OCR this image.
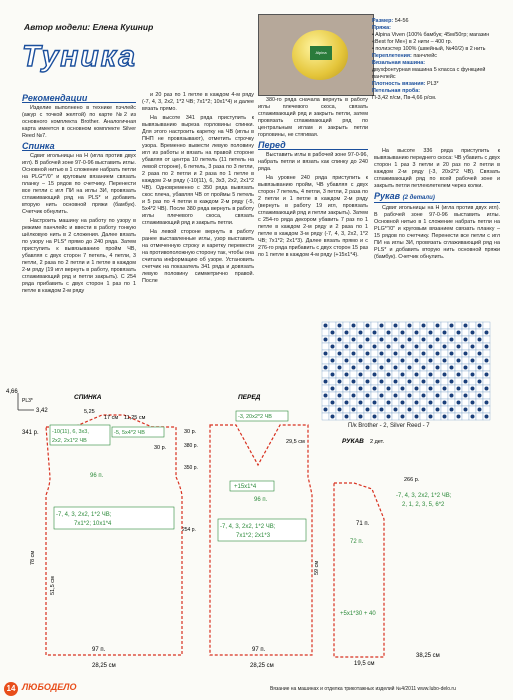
Автор модели: Елена Кушнир
Туника	Alpina
Размер: 54-56
Пряжа:
• Alpina Viven (100% бамбук; 45м/50гр; магазин «Best for Me») в 2 нити – 400 гр.
• полиэстер 100% (швейный, №40/2) в 2 нить
Переплетения: панчлейс
Вязальная машина:
двухфонтурная машина 5 класса с функцией панчлейс
Плотность вязания: PL3*
Петельная проба:
П-3,42 п/см, Пв-4,66 р/см.
Рекомендации

Изделие выполнено в технике пэчлейс (ажур с точкой желтой) по карте №2 из основного комплекта Brother. Аналогичная карта имеется в основном комплекте Silver Reed №7.

Спинка

Сдвиг игольницы на Н (игла против двух игл). В рабочей зоне 97-0-96 выставить иглы. Основной нитью в 1 сложение набрать петли на PLG*"/0" и круговым вязанием связать планку – 15 рядов по счетчику. Перенести все петли с игл ПИ на иглы ЗИ, провязать сглаживающий ряд на PLS* и добавить вторую нить основной пряжи (бамбук). Счетчик обнулить.

Настроить машину на работу по узору в режиме панчлейс и ввести в работу тонкую шёлковую нить в 2 сложения. Далее вязать по узору на PLS* прямо до 240 ряда. Затем приступить к вывязыванию пройм ЧВ, убавляя с двух сторон 7 петель, 4 петли, 3 петли, 2 раза по 2 петли и 1 петле в каждом 2-м ряду (19 игл вернуть в работу, провязать сглаживающий ряд и петли закрыть). С 254 ряда прибавить с двух сторон 1 раз по 1 петле в каждом 2-м ряду

и 20 раз по 1 петле в каждом 4-м ряду (-7, 4, 3, 2х2, 1*2 ЧВ; 7х1*2; 10х1*4) и далее вязать прямо.

На высоте 341 ряда приступить к вывязыванию выреза горловины спинки. Для этого настроить каретку на ЧВ (иглы в ПНП не провязывают), отметить строчку узора. Временно вывести левую половину игл из работы и вязать на правой стороне убавляя от центра 10 петель (11 петель на левой стороне), 6 петель, 3 раза по 3 петли, 2 раза по 2 петли и 2 раза по 1 петле в каждом 2-м ряду (-10(11), 6, 3х3, 2х2, 2х1*2 ЧВ). Одновременно с 350 ряда вывязать скос плеча, убавляя ЧВ от проймы 5 петель и 5 раз по 4 петли в каждом 2-м ряду (-5, 5х4*2 ЧВ). После 380 ряда вернуть в работу иглы плечевого скоса, связать сглаживающий ряд и закрыть петли.

На левой стороне вернуть в работу ранее выставленные иглы, узор выставить на отмеченную строку и каретку перевести на противоположную сторону так, чтобы она считала информацию об узоре. Установить счетчик на показатель 341 ряда и довязать левую половину симметрично правой. После

380-го ряда сначала вернуть в работу иглы плечевого скоса, связать сглаживающий ряд и закрыть петли, затем провязать сглаживающий ряд по центральным иглам и закрыть петли горловины, не стягивая.

Перед

Выставить иглы в рабочей зоне 97-0-96, набрать петли и вязать как спинку до 240 ряда.

На уровне 240 ряда приступить к вывязыванию пройм, ЧВ убавляя с двух сторон 7 петель, 4 петли, 3 петли, 2 раза по 2 петли и 1 петле в каждом 2-м ряду (вернуть в работу 19 игл, провязать сглаживающий ряд и петли закрыть). Затем с 254-го ряда декором убавить 7 раз по 1 петле в каждом 2-м ряду и 2 раза по 1 петле в каждом 3-м ряду (-7, 4, 3, 2х2, 1*2 ЧВ; 7х1*2; 2х1*3). Далее вязать прямо и с 276-го ряда прибавить с двух сторон 15 раз по 1 петле в каждом 4-м ряду (+15х1*4).

На высоте 336 ряда приступить к вывязыванию переднего скоса: ЧВ убавить с двух сторон 1 раз 3 петли и 20 раз по 2 петли в каждом 2-м ряду (-3, 20х2*2 ЧВ). Связать сглаживающий ряд по всей рабочей зоне и закрыть петли петлеюлетелем через колки.

Рукав (2 детали)

Сдвиг игольницы на Н (игла против двух игл). В рабочей зоне 97-0-96 выставить иглы. Основной нитью в 1 сложение набрать петли на PLG*"/0" и круговым вязанием связать планку – 15 рядов по счетчику. Перенести все петли с игл ПИ на иглы ЗИ, провязать сглаживающий ряд на PLS* и добавить вторую нить основной пряжи (бамбук). Счетчик обнулить.

П/к Brother - 2, Silver Reed - 7
4,66
3,42
PL3*	СПИНКА
5,25
17 см 11,25 см
341 р. -10(11), 6, 3х3,
2х2, 2х1*2 ЧВ
-5, 5х4*2 ЧВ
30 р.
96 п.
-7, 4, 3, 2х2, 1*2 ЧВ;
7х1*2; 10х1*4
78 см
51,5 см
97 п.
28,25 см
ПЕРЕД
-3, 20х2*2 ЧВ
30 р.
29,5 см
+15х1*4
96 п.
-7, 4, 3, 2х2, 1*2 ЧВ;
7х1*2; 2х1*3
97 п.
28,25 см
380 р.
350 р.
254 р.
РУКАВ 2 дет.
266 р.
-7, 4, 3, 2х2, 1*2 ЧВ;
2, 1, 2, 3, 5, 6*2
71 п.
59 см
72 п.
+5х1*30 + 40
19,5 см
38,25 см
14 ЛЮБОДЕЛО	Вязание на машинах и отделка трикотажных изделий №4/2011 www.lubo-delo.ru
